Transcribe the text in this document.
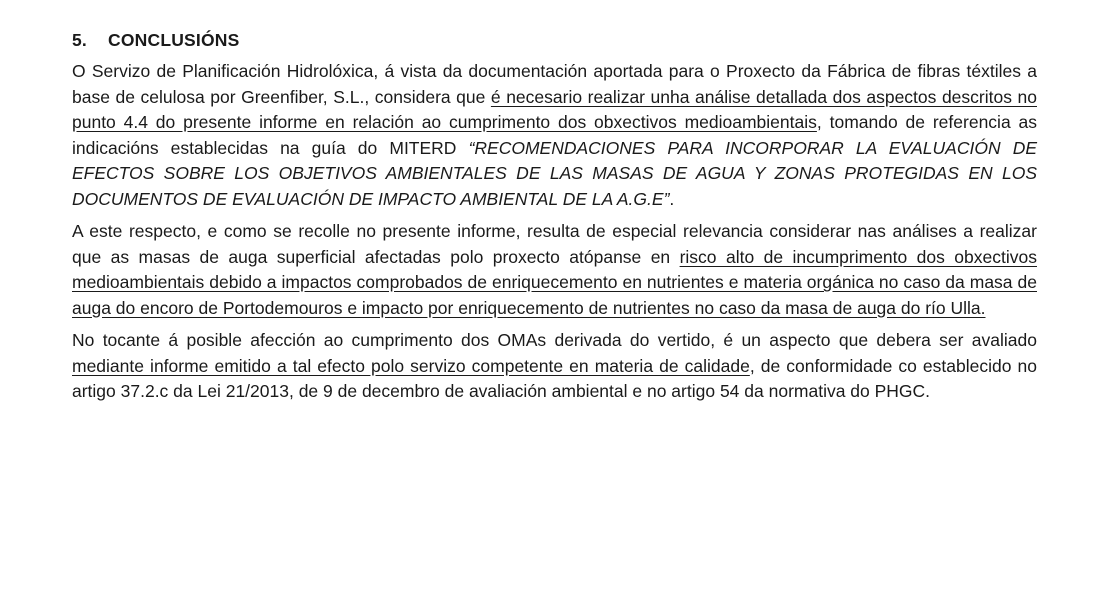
5. CONCLUSIÓNS

O Servizo de Planificación Hidrolóxica, á vista da documentación aportada para o Proxecto da Fábrica de fibras téxtiles a base de celulosa por Greenfiber, S.L., considera que é necesario realizar unha análise detallada dos aspectos descritos no punto 4.4 do presente informe en relación ao cumprimento dos obxectivos medioambientais, tomando de referencia as indicacións establecidas na guía do MITERD “RECOMENDACIONES PARA INCORPORAR LA EVALUACIÓN DE EFECTOS SOBRE LOS OBJETIVOS AMBIENTALES DE LAS MASAS DE AGUA Y ZONAS PROTEGIDAS EN LOS DOCUMENTOS DE EVALUACIÓN DE IMPACTO AMBIENTAL DE LA A.G.E”.

A este respecto, e como se recolle no presente informe, resulta de especial relevancia considerar nas análises a realizar que as masas de auga superficial afectadas polo proxecto atópanse en risco alto de incumprimento dos obxectivos medioambientais debido a impactos comprobados de enriquecemento en nutrientes e materia orgánica no caso da masa de auga do encoro de Portodemouros e impacto por enriquecemento de nutrientes no caso da masa de auga do río Ulla.

No tocante á posible afección ao cumprimento dos OMAs derivada do vertido, é un aspecto que debera ser avaliado mediante informe emitido a tal efecto polo servizo competente en materia de calidade, de conformidade co establecido no artigo 37.2.c da Lei 21/2013, de 9 de decembro de avaliación ambiental e no artigo 54 da normativa do PHGC.
